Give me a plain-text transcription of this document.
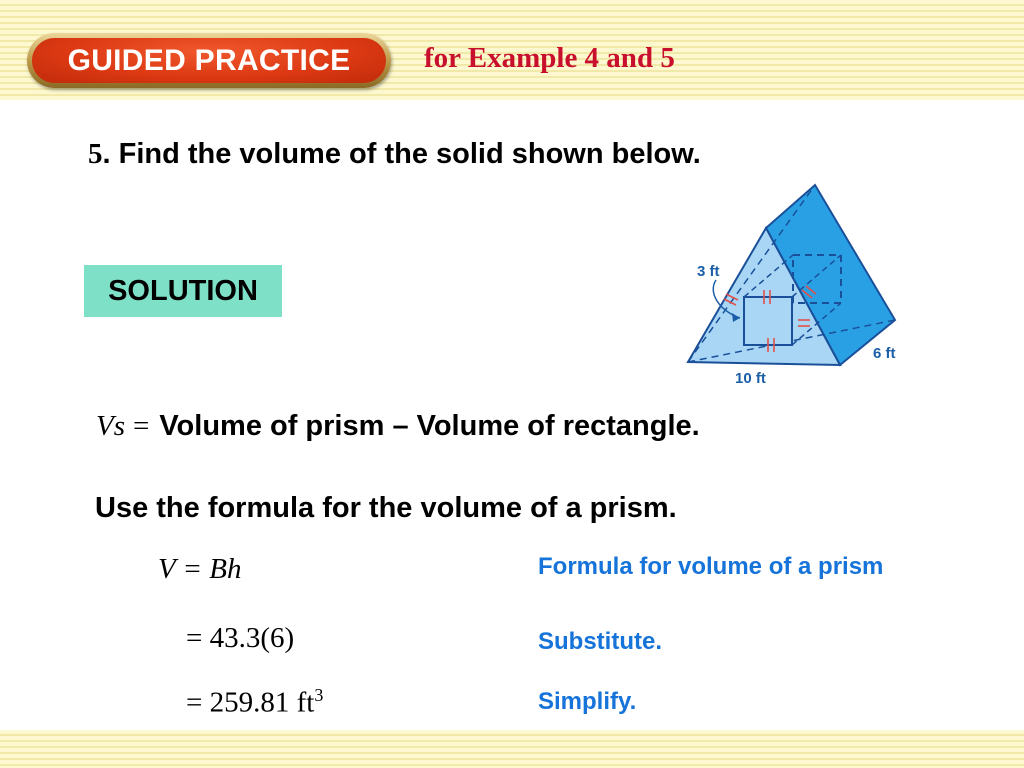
GUIDED PRACTICE	for Example 4 and 5
5. Find the volume of the solid shown below.
SOLUTION
3 ft
10 ft
6 ft
Vs = Volume of prism – Volume of rectangle.
Use the formula for the volume of a prism.
V = Bh	Formula for volume of a prism
= 43.3(6)	Substitute.
= 259.81 $ft^3$	Simplify.
